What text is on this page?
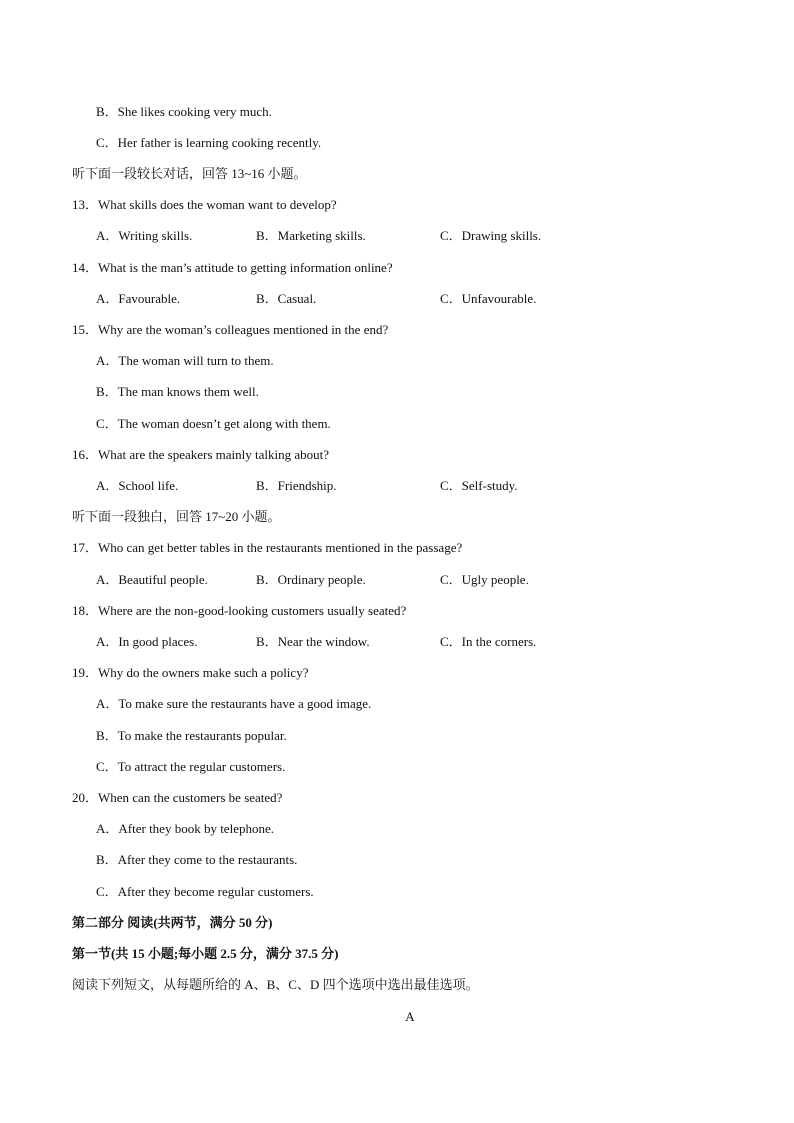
B．She likes cooking very much.
C．Her father is learning cooking recently.
听下面一段较长对话，回答 13~16 小题。
13．What skills does the woman want to develop?
A．Writing skills.	B．Marketing skills.	C．Drawing skills.
14．What is the man’s attitude to getting information online?
A．Favourable.	B．Casual.	C．Unfavourable.
15．Why are the woman’s colleagues mentioned in the end?
A．The woman will turn to them.
B．The man knows them well.
C．The woman doesn’t get along with them.
16．What are the speakers mainly talking about?
A．School life.	B．Friendship.	C．Self-study.
听下面一段独白，回答 17~20 小题。
17．Who can get better tables in the restaurants mentioned in the passage?
A．Beautiful people.	B．Ordinary people.	C．Ugly people.
18．Where are the non-good-looking customers usually seated?
A．In good places.	B．Near the window.	C．In the corners.
19．Why do the owners make such a policy?
A．To make sure the restaurants have a good image.
B．To make the restaurants popular.
C．To attract the regular customers.
20．When can the customers be seated?
A．After they book by telephone.
B．After they come to the restaurants.
C．After they become regular customers.
第二部分 阅读(共两节，满分 50 分)
第一节(共 15 小题;每小题 2.5 分，满分 37.5 分)
阅读下列短文，从每题所给的 A、B、C、D 四个选项中选出最佳选项。
A
